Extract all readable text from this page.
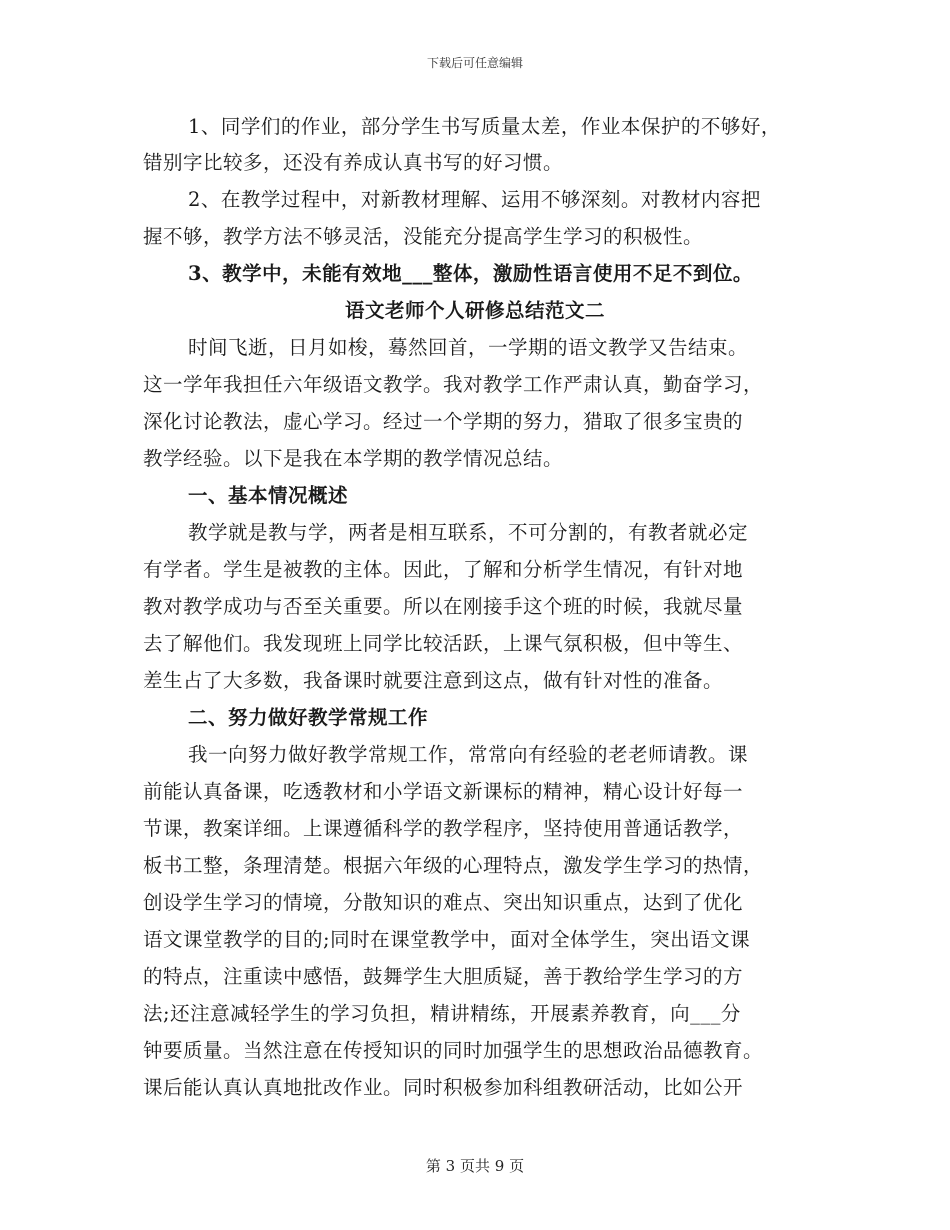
下载后可任意编辑
1、同学们的作业，部分学生书写质量太差，作业本保护的不够好，
错别字比较多，还没有养成认真书写的好习惯。
2、在教学过程中，对新教材理解、运用不够深刻。对教材内容把
握不够，教学方法不够灵活，没能充分提高学生学习的积极性。
3、教学中，未能有效地___整体，激励性语言使用不足不到位。
语文老师个人研修总结范文二
时间飞逝，日月如梭，蓦然回首，一学期的语文教学又告结束。
这一学年我担任六年级语文教学。我对教学工作严肃认真，勤奋学习，
深化讨论教法，虚心学习。经过一个学期的努力，猎取了很多宝贵的
教学经验。以下是我在本学期的教学情况总结。
一、基本情况概述
教学就是教与学，两者是相互联系，不可分割的，有教者就必定
有学者。学生是被教的主体。因此，了解和分析学生情况，有针对地
教对教学成功与否至关重要。所以在刚接手这个班的时候，我就尽量
去了解他们。我发现班上同学比较活跃，上课气氛积极，但中等生、
差生占了大多数，我备课时就要注意到这点，做有针对性的准备。
二、努力做好教学常规工作
我一向努力做好教学常规工作，常常向有经验的老老师请教。课
前能认真备课，吃透教材和小学语文新课标的精神，精心设计好每一
节课，教案详细。上课遵循科学的教学程序，坚持使用普通话教学，
板书工整，条理清楚。根据六年级的心理特点，激发学生学习的热情，
创设学生学习的情境，分散知识的难点、突出知识重点，达到了优化
语文课堂教学的目的;同时在课堂教学中，面对全体学生，突出语文课
的特点，注重读中感悟，鼓舞学生大胆质疑，善于教给学生学习的方
法;还注意减轻学生的学习负担，精讲精练，开展素养教育，向___分
钟要质量。当然注意在传授知识的同时加强学生的思想政治品德教育。
课后能认真认真地批改作业。同时积极参加科组教研活动，比如公开
第 3 页共 9 页
